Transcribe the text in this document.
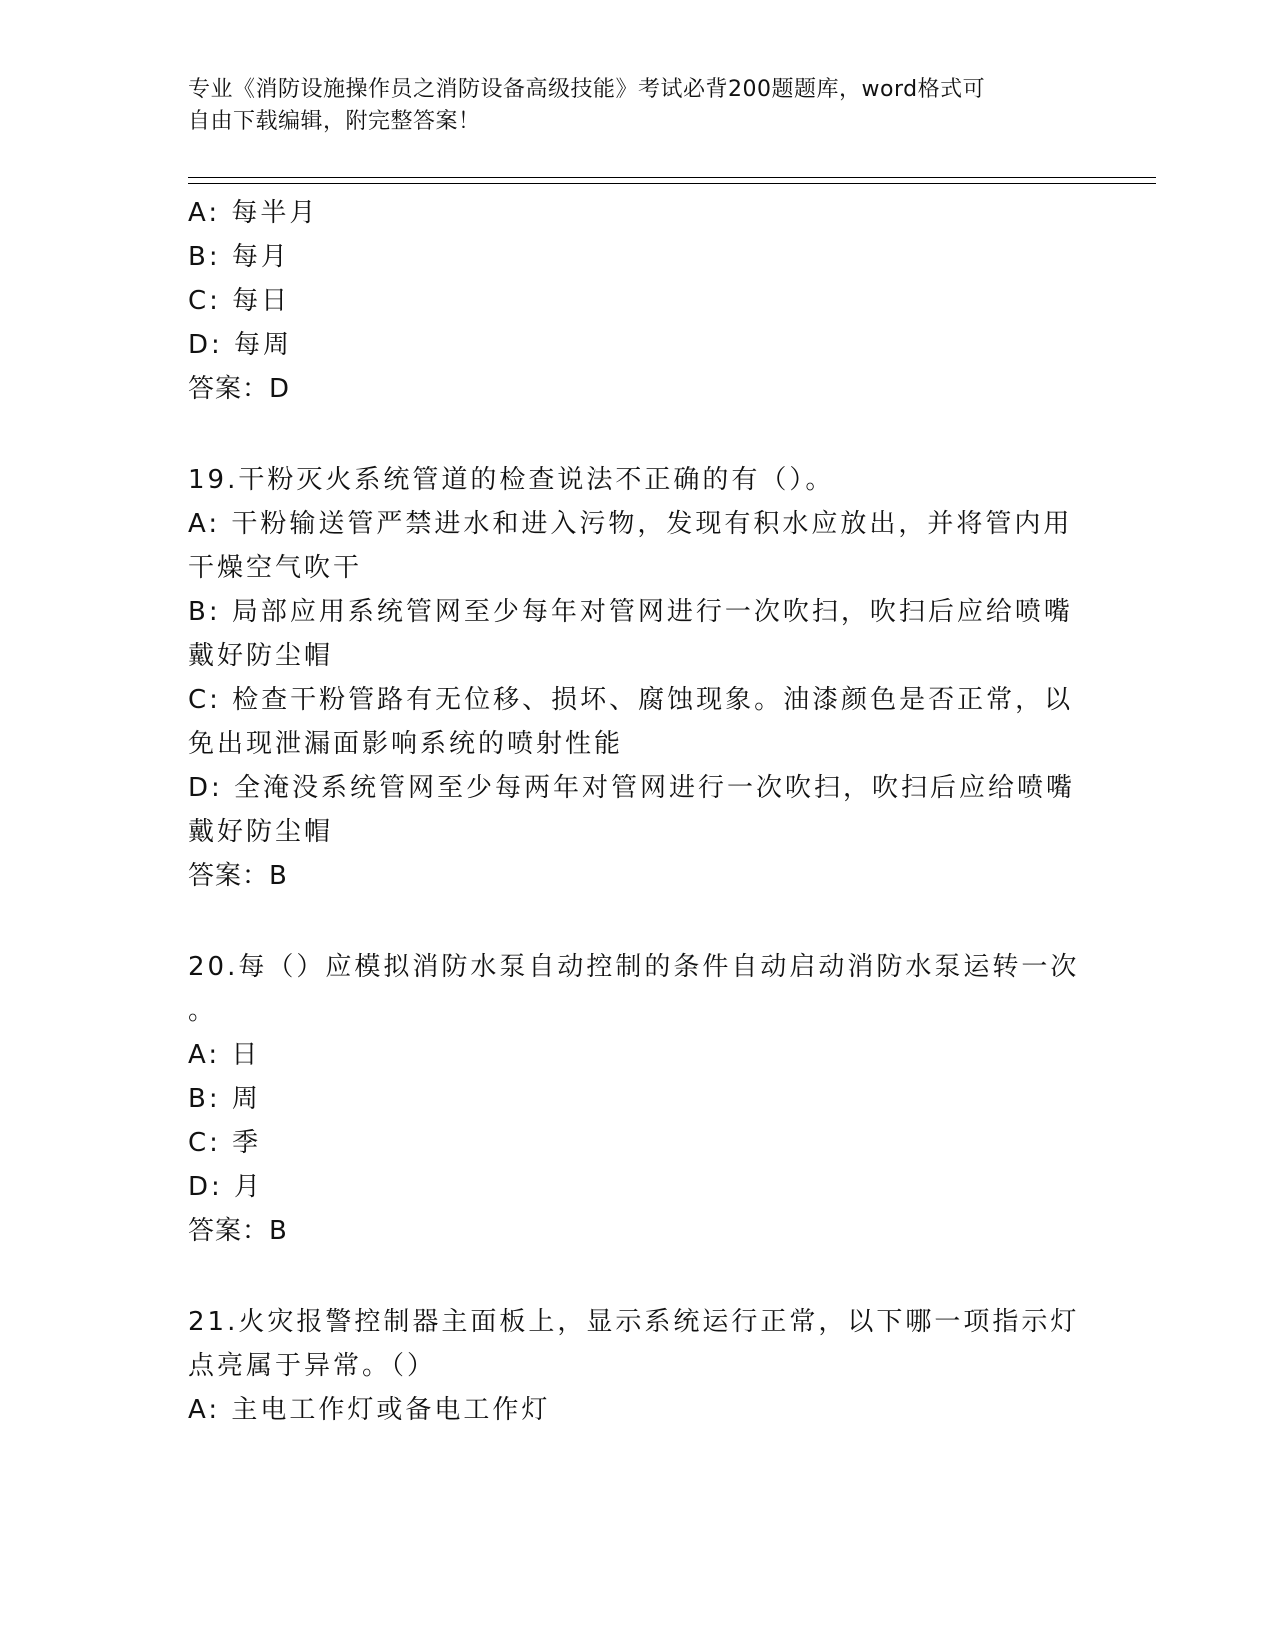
专业《消防设施操作员之消防设备高级技能》考试必背200题题库，word格式可
自由下载编辑，附完整答案！
A: 每半月
B: 每月
C: 每日
D: 每周
答案：D
19.干粉灭火系统管道的检查说法不正确的有（）。
A: 干粉输送管严禁进水和进入污物，发现有积水应放出，并将管内用
干燥空气吹干
B: 局部应用系统管网至少每年对管网进行一次吹扫，吹扫后应给喷嘴
戴好防尘帽
C: 检查干粉管路有无位移、损坏、腐蚀现象。油漆颜色是否正常，以
免出现泄漏面影响系统的喷射性能
D: 全淹没系统管网至少每两年对管网进行一次吹扫，吹扫后应给喷嘴
戴好防尘帽
答案：B
20.每（）应模拟消防水泵自动控制的条件自动启动消防水泵运转一次
。
A: 日
B: 周
C: 季
D: 月
答案：B
21.火灾报警控制器主面板上，显示系统运行正常，以下哪一项指示灯
点亮属于异常。（）
A: 主电工作灯或备电工作灯
